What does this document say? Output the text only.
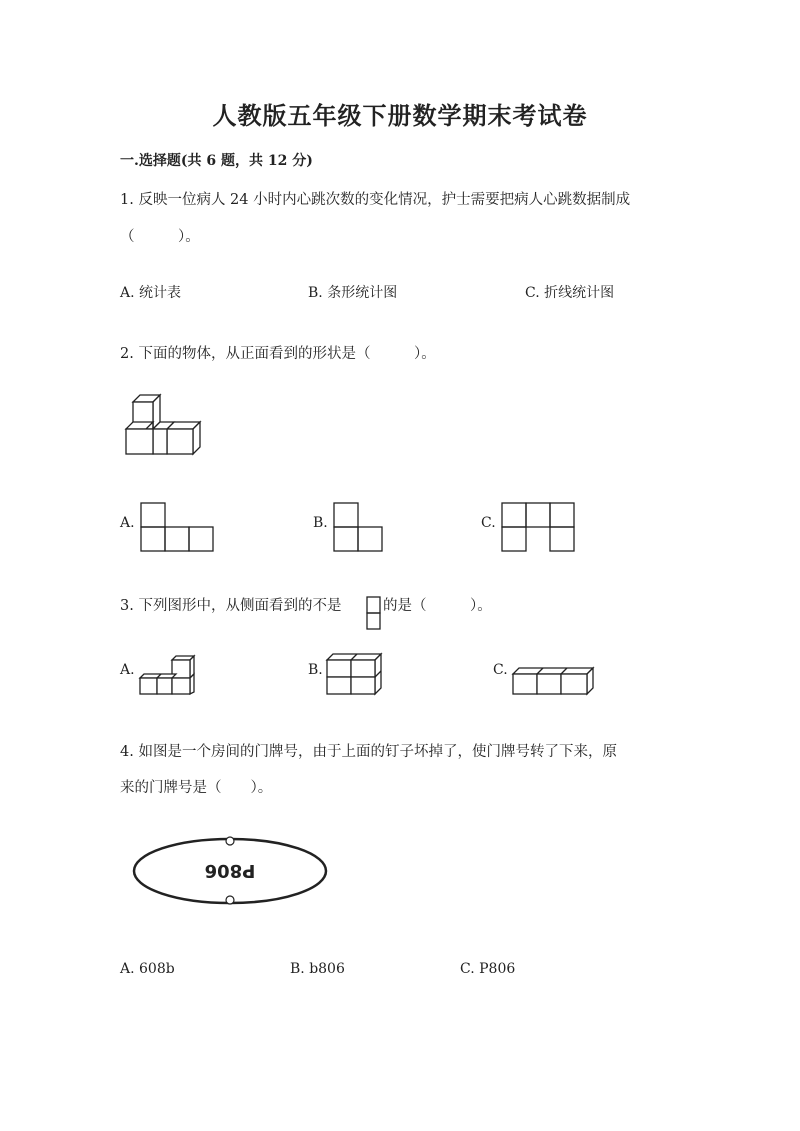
人教版五年级下册数学期末考试卷
一.选择题(共 6 题，共 12 分)
1. 反映一位病人 24 小时内心跳次数的变化情况，护士需要把病人心跳数据制成
（　　　）。
A. 统计表	B. 条形统计图	C. 折线统计图
2. 下面的物体，从正面看到的形状是（　　　）。
A.	B.	C.
3. 下列图形中，从侧面看到的不是	的是（　　　）。
A.	B.	C.
4. 如图是一个房间的门牌号，由于上面的钉子坏掉了，使门牌号转了下来，原
来的门牌号是（　　）。
P806
A. 608b	B. b806	C. P806
